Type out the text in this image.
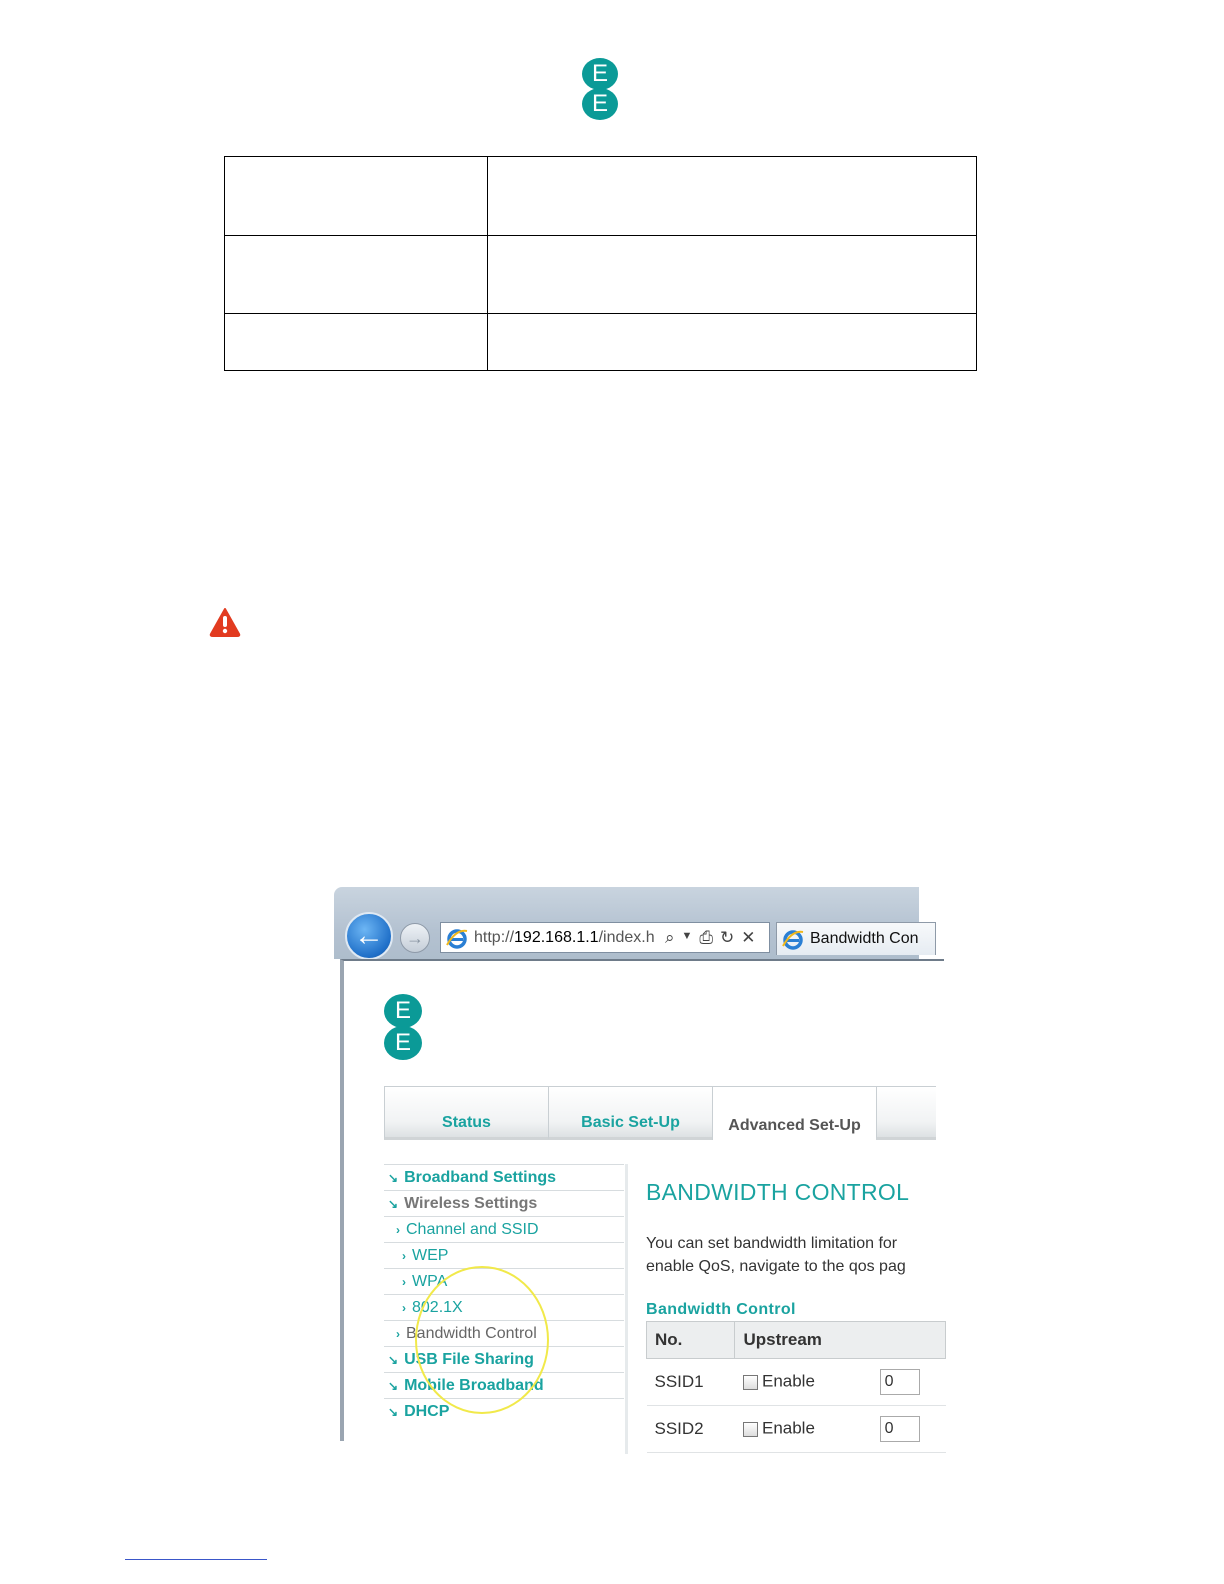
E
E

←	→	http://192.168.1.1/index.h ⌕ ▼ ⎙ ↻ ✕	Bandwidth Con
E
E
Status	Basic Set-Up	Advanced Set-Up
↘ Broadband Settings
↘ Wireless Settings
› Channel and SSID
› WEP
› WPA
› 802.1X
› Bandwidth Control
↘ USB File Sharing
↘ Mobile Broadband
↘ DHCP
BANDWIDTH CONTROL
You can set bandwidth limitation for
enable QoS, navigate to the qos pag
Bandwidth Control
No.	Upstream
SSID1	Enable 0
SSID2	Enable 0
